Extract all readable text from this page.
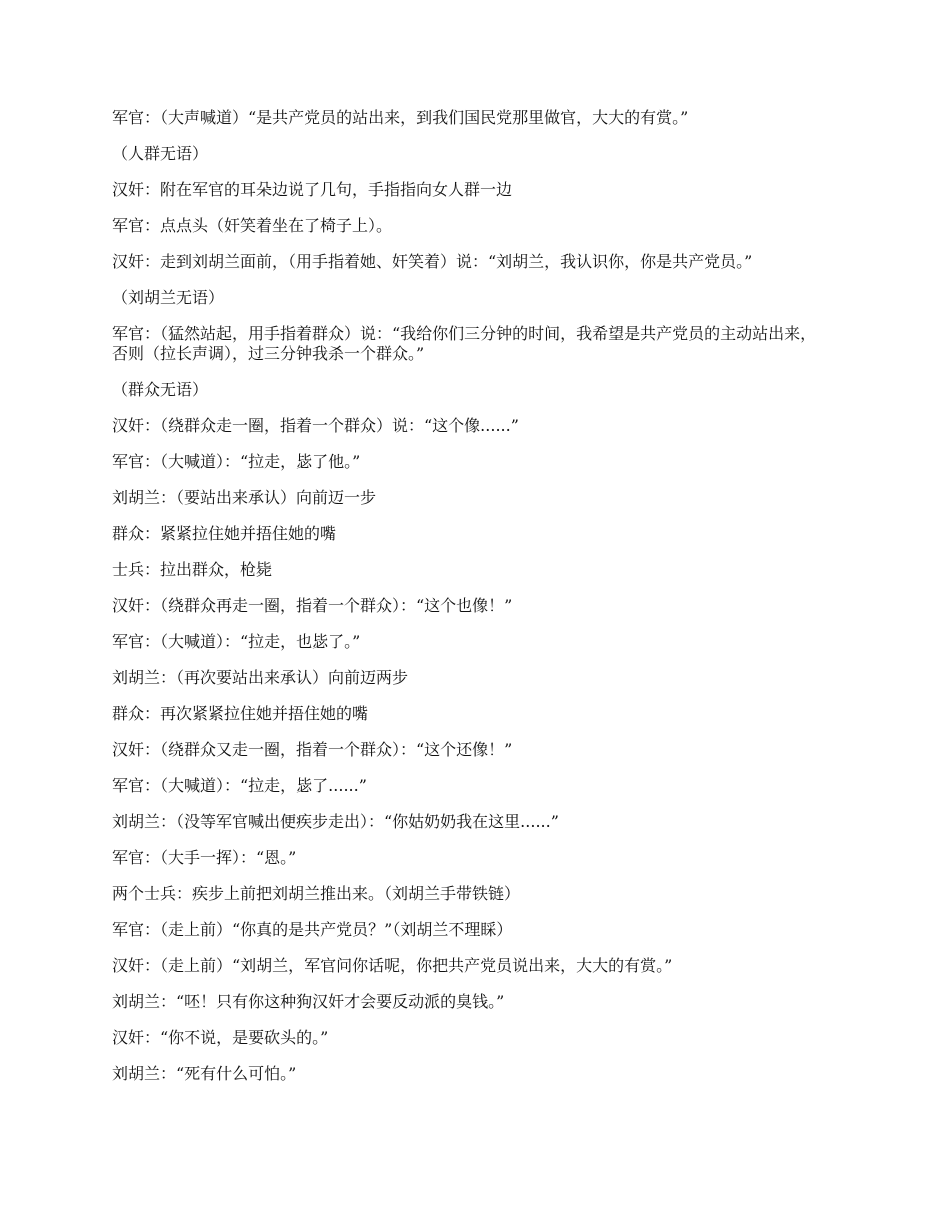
军官：（大声喊道）“是共产党员的站出来，到我们国民党那里做官，大大的有赏。”

（人群无语）

汉奸：附在军官的耳朵边说了几句，手指指向女人群一边

军官：点点头（奸笑着坐在了椅子上）。

汉奸：走到刘胡兰面前，（用手指着她、奸笑着）说：“刘胡兰，我认识你，你是共产党员。”

（刘胡兰无语）

军官：（猛然站起，用手指着群众）说：“我给你们三分钟的时间，我希望是共产党员的主动站出来，否则（拉长声调），过三分钟我杀一个群众。”

（群众无语）

汉奸：（绕群众走一圈，指着一个群众）说：“这个像......”

军官：（大喊道）：“拉走，毖了他。”

刘胡兰：（要站出来承认）向前迈一步

群众：紧紧拉住她并捂住她的嘴

士兵：拉出群众，枪毙

汉奸：（绕群众再走一圈，指着一个群众）：“这个也像！”

军官：（大喊道）：“拉走，也毖了。”

刘胡兰：（再次要站出来承认）向前迈两步

群众：再次紧紧拉住她并捂住她的嘴

汉奸：（绕群众又走一圈，指着一个群众）：“这个还像！”

军官：（大喊道）：“拉走，毖了......”

刘胡兰：（没等军官喊出便疾步走出）：“你姑奶奶我在这里......”

军官：（大手一挥）：“恩。”

两个士兵：疾步上前把刘胡兰推出来。（刘胡兰手带铁链）

军官：（走上前）“你真的是共产党员？”（刘胡兰不理睬）

汉奸：（走上前）“刘胡兰，军官问你话呢，你把共产党员说出来，大大的有赏。”

刘胡兰：“呸！只有你这种狗汉奸才会要反动派的臭钱。”

汉奸：“你不说，是要砍头的。”

刘胡兰：“死有什么可怕。”
